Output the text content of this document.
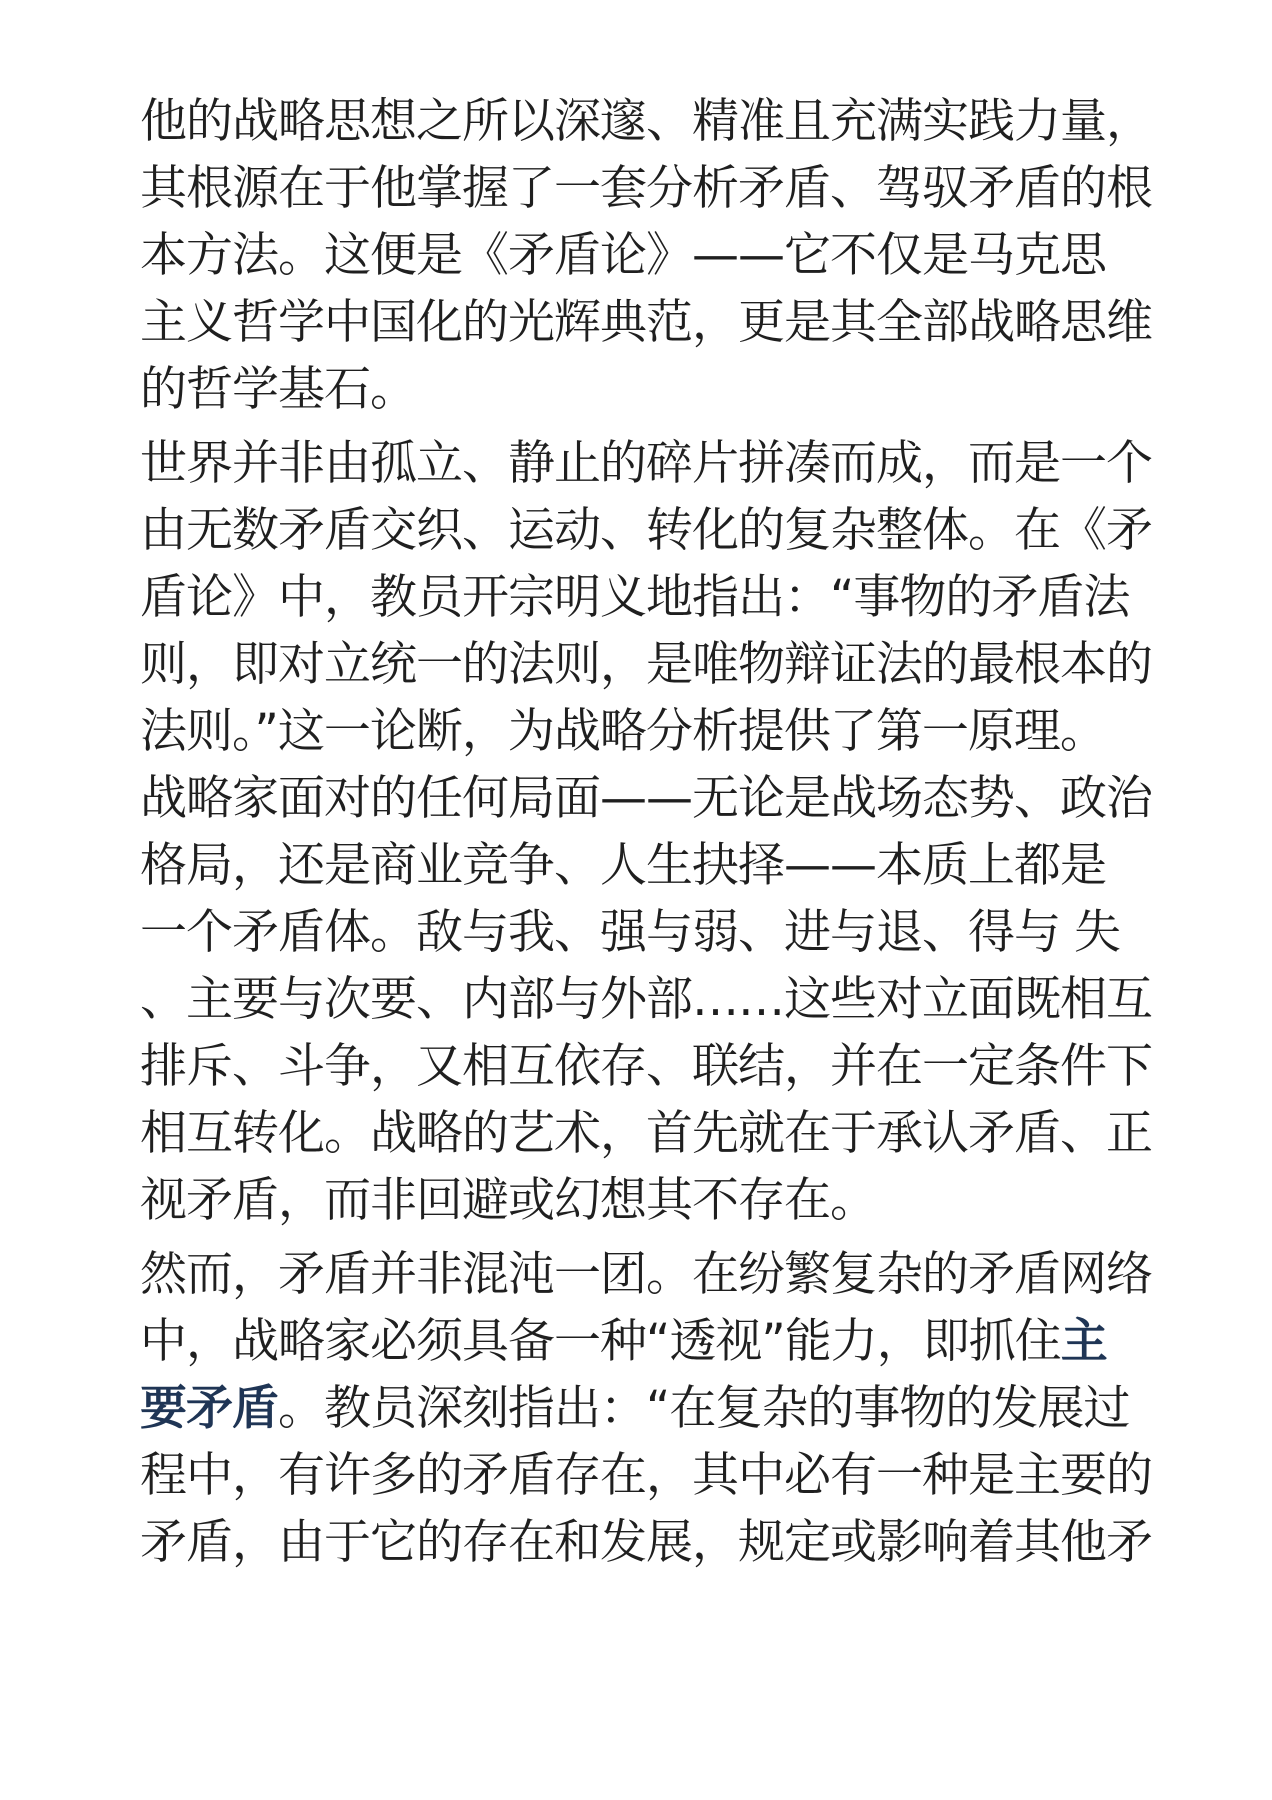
他的战略思想之所以深邃、精准且充满实践力量，
其根源在于他掌握了一套分析矛盾、驾驭矛盾的根
本方法。这便是《矛盾论》——它不仅是马克思
主义哲学中国化的光辉典范，更是其全部战略思维
的哲学基石。
世界并非由孤立、静止的碎片拼凑而成，而是一个
由无数矛盾交织、运动、转化的复杂整体。在《矛
盾论》中，教员开宗明义地指出：“事物的矛盾法
则，即对立统一的法则，是唯物辩证法的最根本的
法则。”这一论断，为战略分析提供了第一原理。
战略家面对的任何局面——无论是战场态势、政治
格局，还是商业竞争、人生抉择——本质上都是
一个矛盾体。敌与我、强与弱、进与退、得与 失
、主要与次要、内部与外部……这些对立面既相互
排斥、斗争，又相互依存、联结，并在一定条件下
相互转化。战略的艺术，首先就在于承认矛盾、正
视矛盾，而非回避或幻想其不存在。
然而，矛盾并非混沌一团。在纷繁复杂的矛盾网络
中，战略家必须具备一种“透视”能力，即抓住主
要矛盾。教员深刻指出：“在复杂的事物的发展过
程中，有许多的矛盾存在，其中必有一种是主要的
矛盾，由于它的存在和发展，规定或影响着其他矛
